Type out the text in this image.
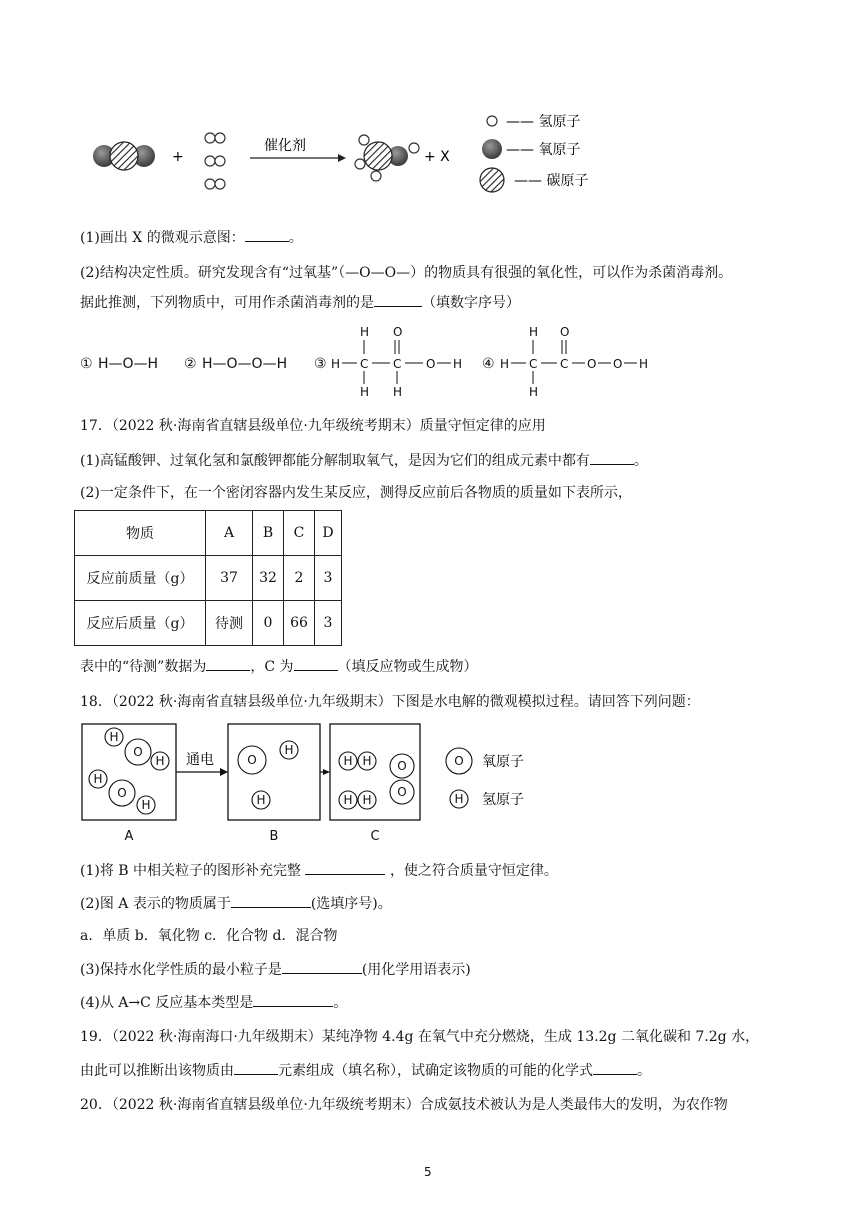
+
催化剂
+ X
—— 氢原子
—— 氧原子
—— 碳原子
(1)画出 X 的微观示意图：	。
(2)结构决定性质。研究发现含有“过氧基”（—O—O—）的物质具有很强的氧化性，可以作为杀菌消毒剂。
据此推测，下列物质中，可用作杀菌消毒剂的是	（填数字序号）
① H—O—H ② H—O—O—H ③	④
H C
H
H
C
O
H
O H	H C
H
H
C
O
O O H
17．（2022 秋·海南省直辖县级单位·九年级统考期末）质量守恒定律的应用
(1)高锰酸钾、过氧化氢和氯酸钾都能分解制取氧气，是因为它们的组成元素中都有	。
(2)一定条件下，在一个密闭容器内发生某反应，测得反应前后各物质的质量如下表所示，
物质	A	B	C	D
反应前质量（g）	37	32	2	3
反应后质量（g）	待测	0	66	3
表中的“待测”数据为	，C 为	（填反应物或生成物）
18．（2022 秋·海南省直辖县级单位·九年级期末）下图是水电解的微观模拟过程。请回答下列问题：
通电
H
O
H
H
O
H
O
H
H
H H
H H
O
O
O
H
A	B	C
氧原子
氢原子
(1)将 B 中相关粒子的图形补充完整	，使之符合质量守恒定律。
(2)图 A 表示的物质属于	(选填序号)。
a．单质 b．氧化物 c．化合物 d．混合物
(3)保持水化学性质的最小粒子是	(用化学用语表示)
(4)从 A→C 反应基本类型是	。
19．（2022 秋·海南海口·九年级期末）某纯净物 4.4g 在氧气中充分燃烧，生成 13.2g 二氧化碳和 7.2g 水，
由此可以推断出该物质由	元素组成（填名称），试确定该物质的可能的化学式	。
20．（2022 秋·海南省直辖县级单位·九年级统考期末）合成氨技术被认为是人类最伟大的发明，为农作物
5
